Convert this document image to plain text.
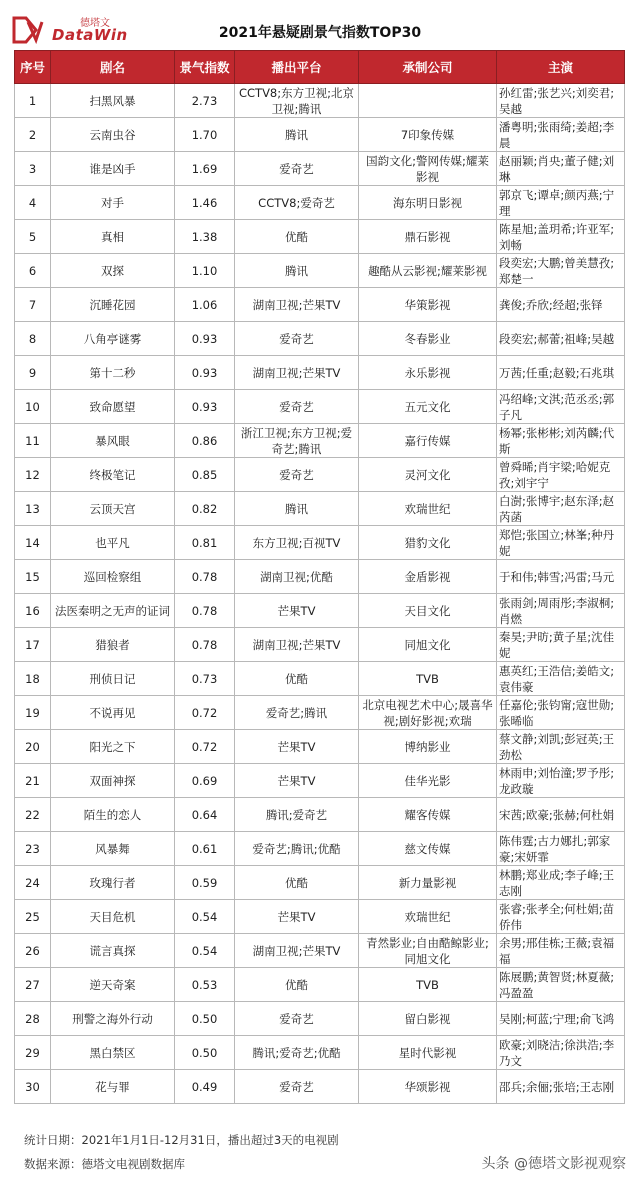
德塔文
DataWin	2021年悬疑剧景气指数TOP30
序号	剧名	景气指数	播出平台	承制公司	主演
1	扫黑风暴	2.73	CCTV8;东方卫视;北京卫视;腾讯		孙红雷;张艺兴;刘奕君;吴越
2	云南虫谷	1.70	腾讯	7印象传媒	潘粤明;张雨绮;姜超;李晨
3	谁是凶手	1.69	爱奇艺	国韵文化;警网传媒;耀莱影视	赵丽颖;肖央;董子健;刘琳
4	对手	1.46	CCTV8;爱奇艺	海东明日影视	郭京飞;谭卓;颜丙燕;宁理
5	真相	1.38	优酷	鼎石影视	陈星旭;盖玥希;许亚军;刘畅
6	双探	1.10	腾讯	趣酷从云影视;耀莱影视	段奕宏;大鹏;曾美慧孜;郑楚一
7	沉睡花园	1.06	湖南卫视;芒果TV	华策影视	龚俊;乔欣;经超;张铎
8	八角亭谜雾	0.93	爱奇艺	冬春影业	段奕宏;郝蕾;祖峰;吴越
9	第十二秒	0.93	湖南卫视;芒果TV	永乐影视	万茜;任重;赵毅;石兆琪
10	致命愿望	0.93	爱奇艺	五元文化	冯绍峰;文淇;范丞丞;郭子凡
11	暴风眼	0.86	浙江卫视;东方卫视;爱奇艺;腾讯	嘉行传媒	杨幂;张彬彬;刘芮麟;代斯
12	终极笔记	0.85	爱奇艺	灵河文化	曾舜晞;肖宇梁;哈妮克孜;刘宇宁
13	云顶天宫	0.82	腾讯	欢瑞世纪	白澍;张博宇;赵东泽;赵芮菡
14	也平凡	0.81	东方卫视;百视TV	猎豹文化	郑恺;张国立;林峯;种丹妮
15	巡回检察组	0.78	湖南卫视;优酷	金盾影视	于和伟;韩雪;冯雷;马元
16	法医秦明之无声的证词	0.78	芒果TV	天目文化	张雨剑;周雨彤;李淑桐;肖燃
17	猎狼者	0.78	湖南卫视;芒果TV	同旭文化	秦昊;尹昉;黄子星;沈佳妮
18	刑侦日记	0.73	优酷	TVB	惠英红;王浩信;姜皓文;袁伟豪
19	不说再见	0.72	爱奇艺;腾讯	北京电视艺术中心;晟喜华视;剧好影视;欢瑞	任嘉伦;张钧甯;寇世勋;张晞临
20	阳光之下	0.72	芒果TV	博纳影业	蔡文静;刘凯;彭冠英;王劲松
21	双面神探	0.69	芒果TV	佳华光影	林雨申;刘怡潼;罗予彤;龙政璇
22	陌生的恋人	0.64	腾讯;爱奇艺	耀客传媒	宋茜;欧豪;张赫;何杜娟
23	风暴舞	0.61	爱奇艺;腾讯;优酷	慈文传媒	陈伟霆;古力娜扎;郭家豪;宋妍霏
24	玫瑰行者	0.59	优酷	新力量影视	林鹏;郑业成;李子峰;王志刚
25	天目危机	0.54	芒果TV	欢瑞世纪	张睿;张孝全;何杜娟;苗侨伟
26	谎言真探	0.54	湖南卫视;芒果TV	青然影业;自由酷鲸影业;同旭文化	余男;邢佳栋;王薇;袁福福
27	逆天奇案	0.53	优酷	TVB	陈展鹏;黄智贤;林夏薇;冯盈盈
28	刑警之海外行动	0.50	爱奇艺	留白影视	吴刚;柯蓝;宁理;俞飞鸿
29	黑白禁区	0.50	腾讯;爱奇艺;优酷	星时代影视	欧豪;刘晓洁;徐洪浩;李乃文
30	花与罪	0.49	爱奇艺	华颂影视	邵兵;余俪;张培;王志刚
统计日期：2021年1月1日-12月31日，播出超过3天的电视剧
数据来源：德塔文电视剧数据库	头条 @德塔文影视观察
